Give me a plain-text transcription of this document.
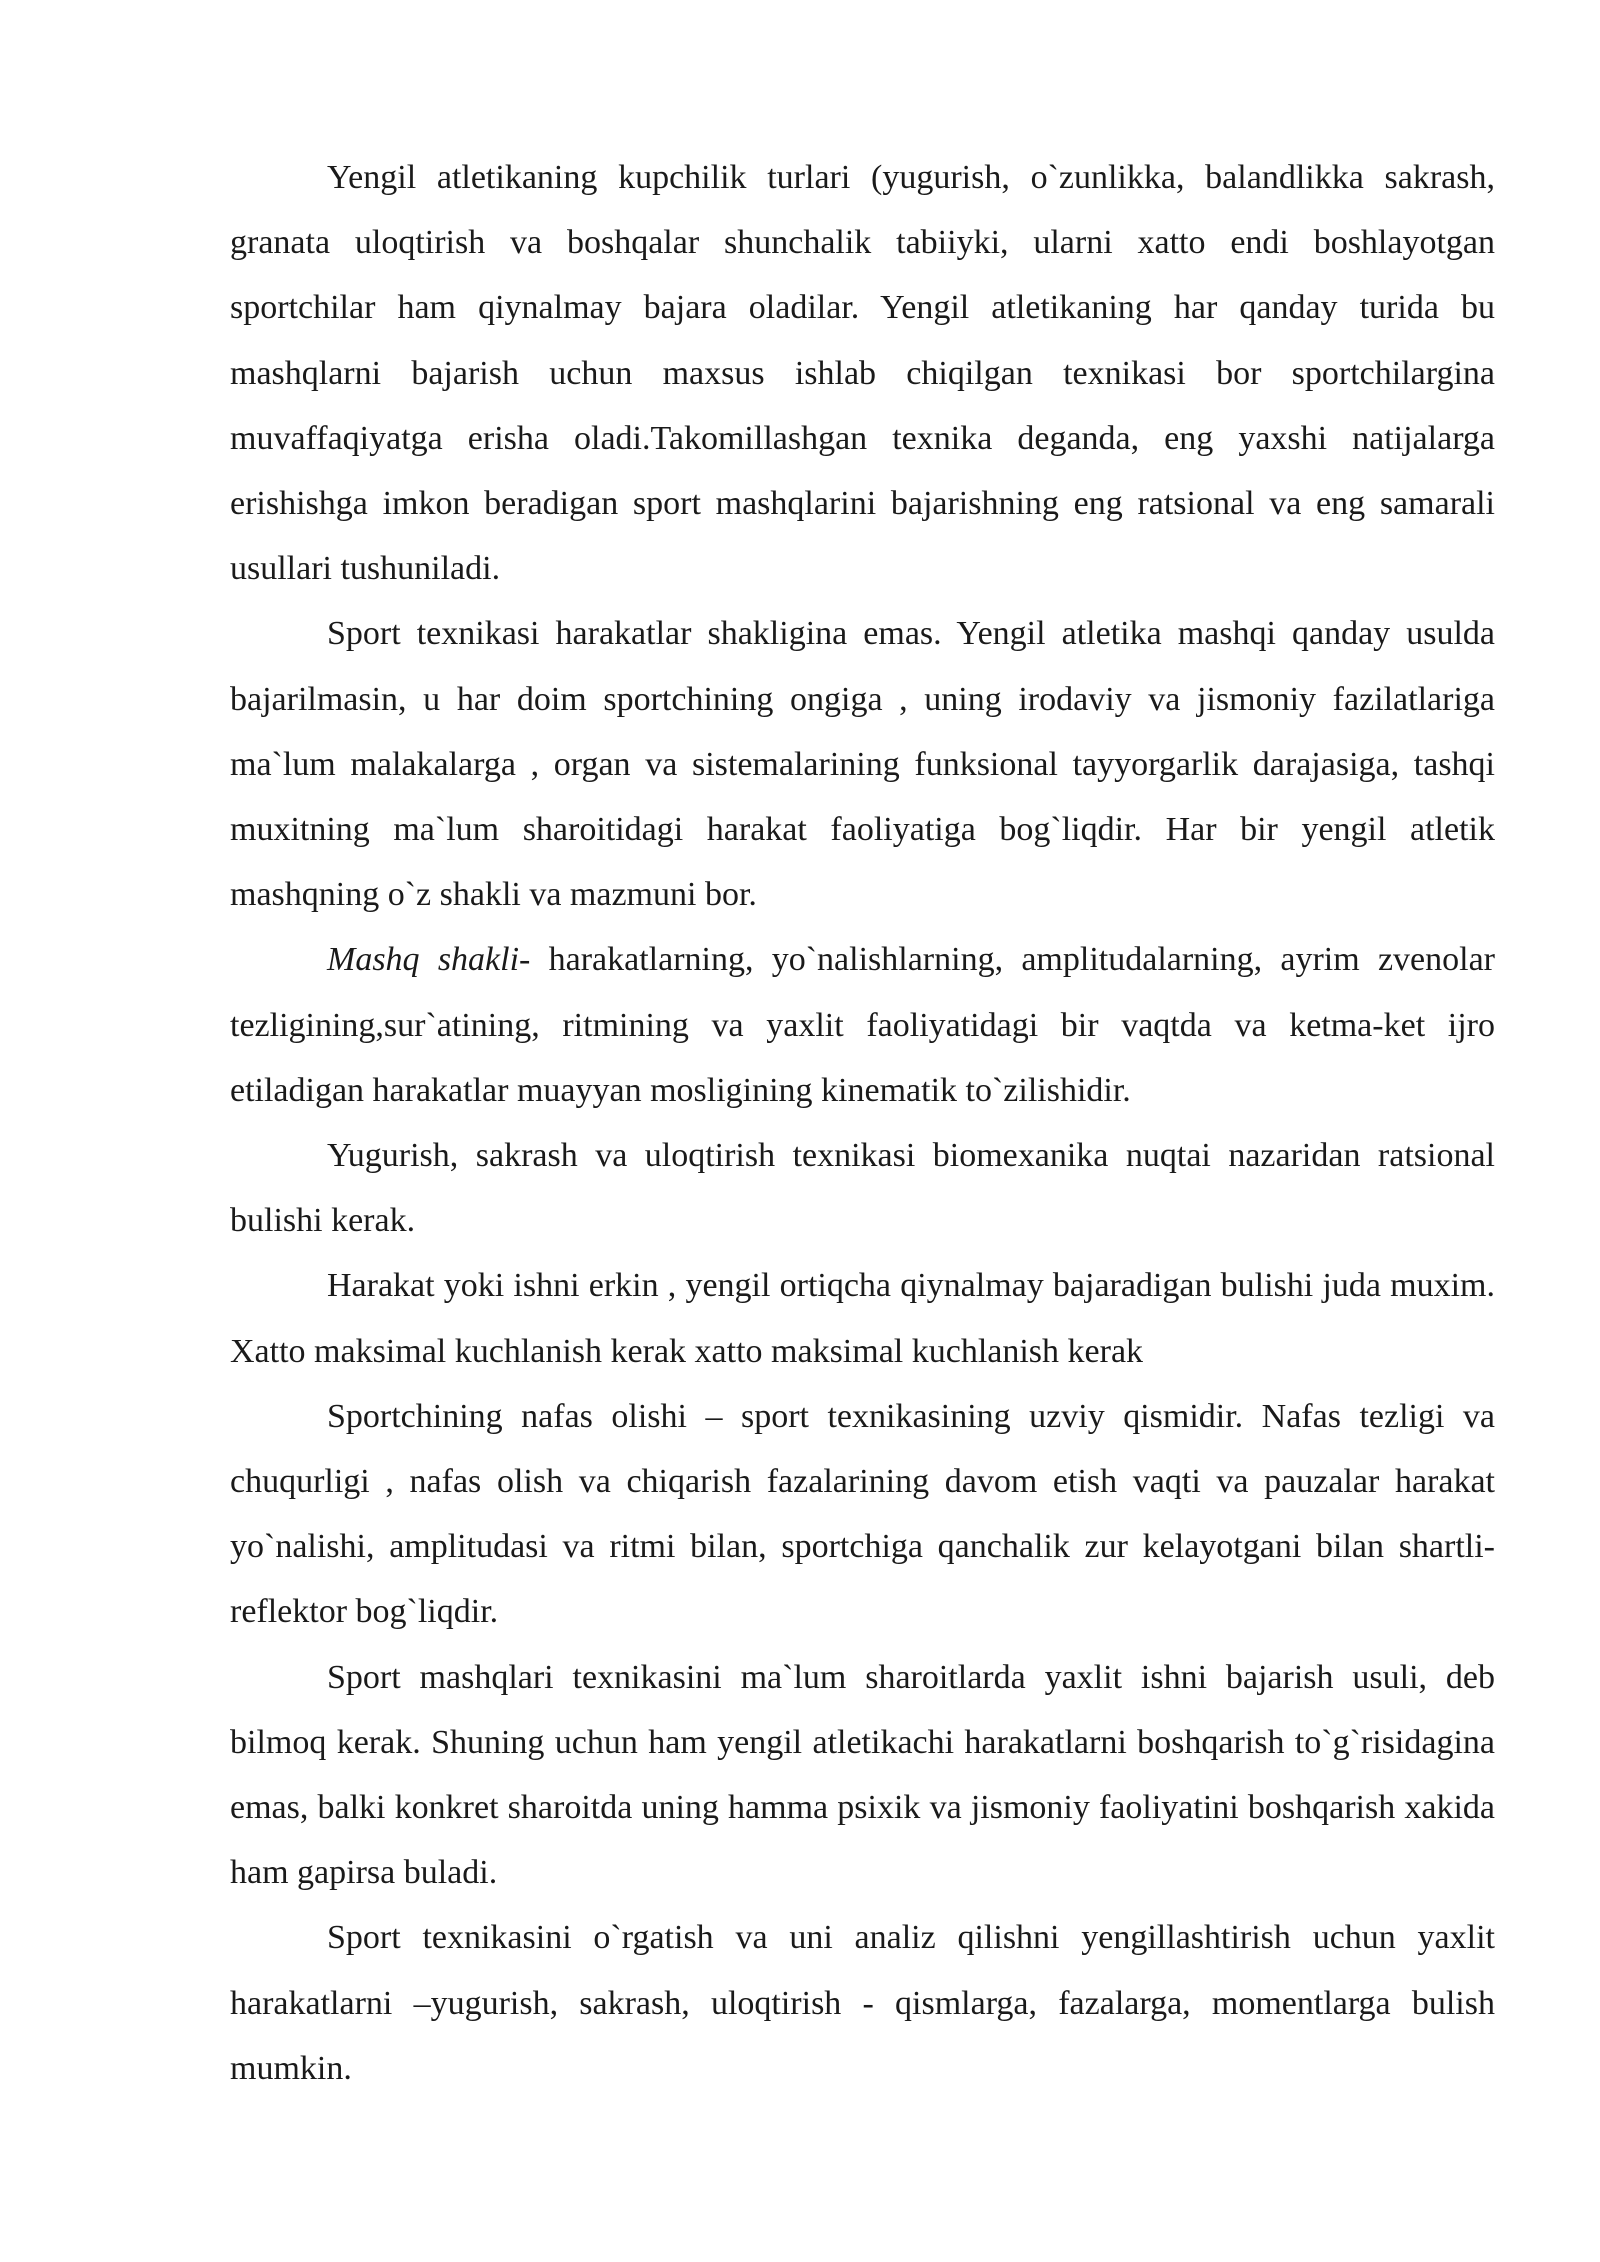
Yengil atletikaning kupchilik turlari (yugurish, o`zunlikka, balandlikka sakrash, granata uloqtirish va boshqalar shunchalik tabiiyki, ularni xatto endi boshlayotgan sportchilar ham qiynalmay bajara oladilar. Yengil atletikaning har qanday turida bu mashqlarni bajarish uchun maxsus ishlab chiqilgan texnikasi bor sportchilargina muvaffaqiyatga erisha oladi.Takomillashgan texnika deganda, eng yaxshi natijalarga erishishga imkon beradigan sport mashqlarini bajarishning eng ratsional va eng samarali usullari tushuniladi.

Sport texnikasi harakatlar shakligina emas. Yengil atletika mashqi qanday usulda bajarilmasin, u har doim sportchining ongiga , uning irodaviy va jismoniy fazilatlariga ma`lum malakalarga , organ va sistemalarining funksional tayyorgarlik darajasiga, tashqi muxitning ma`lum sharoitidagi harakat faoliyatiga bog`liqdir. Har bir yengil atletik mashqning o`z shakli va mazmuni bor.

Mashq shakli- harakatlarning, yo`nalishlarning, amplitudalarning, ayrim zvenolar tezligining,sur`atining, ritmining va yaxlit faoliyatidagi bir vaqtda va ketma-ket ijro etiladigan harakatlar muayyan mosligining kinematik to`zilishidir.

Yugurish, sakrash va uloqtirish texnikasi biomexanika nuqtai nazaridan ratsional bulishi kerak.

Harakat yoki ishni erkin , yengil ortiqcha qiynalmay bajaradigan bulishi juda muxim. Xatto maksimal kuchlanish kerak xatto maksimal kuchlanish kerak

Sportchining nafas olishi – sport texnikasining uzviy qismidir. Nafas tezligi va chuqurligi , nafas olish va chiqarish fazalarining davom etish vaqti va pauzalar harakat yo`nalishi, amplitudasi va ritmi bilan, sportchiga qanchalik zur kelayotgani bilan shartli-reflektor bog`liqdir.

Sport mashqlari texnikasini ma`lum sharoitlarda yaxlit ishni bajarish usuli, deb bilmoq kerak. Shuning uchun ham yengil atletikachi harakatlarni boshqarish to`g`risidagina emas, balki konkret sharoitda uning hamma psixik va jismoniy faoliyatini boshqarish xakida ham gapirsa buladi.

Sport texnikasini o`rgatish va uni analiz qilishni yengillashtirish uchun yaxlit harakatlarni –yugurish, sakrash, uloqtirish - qismlarga, fazalarga, momentlarga bulish mumkin.
